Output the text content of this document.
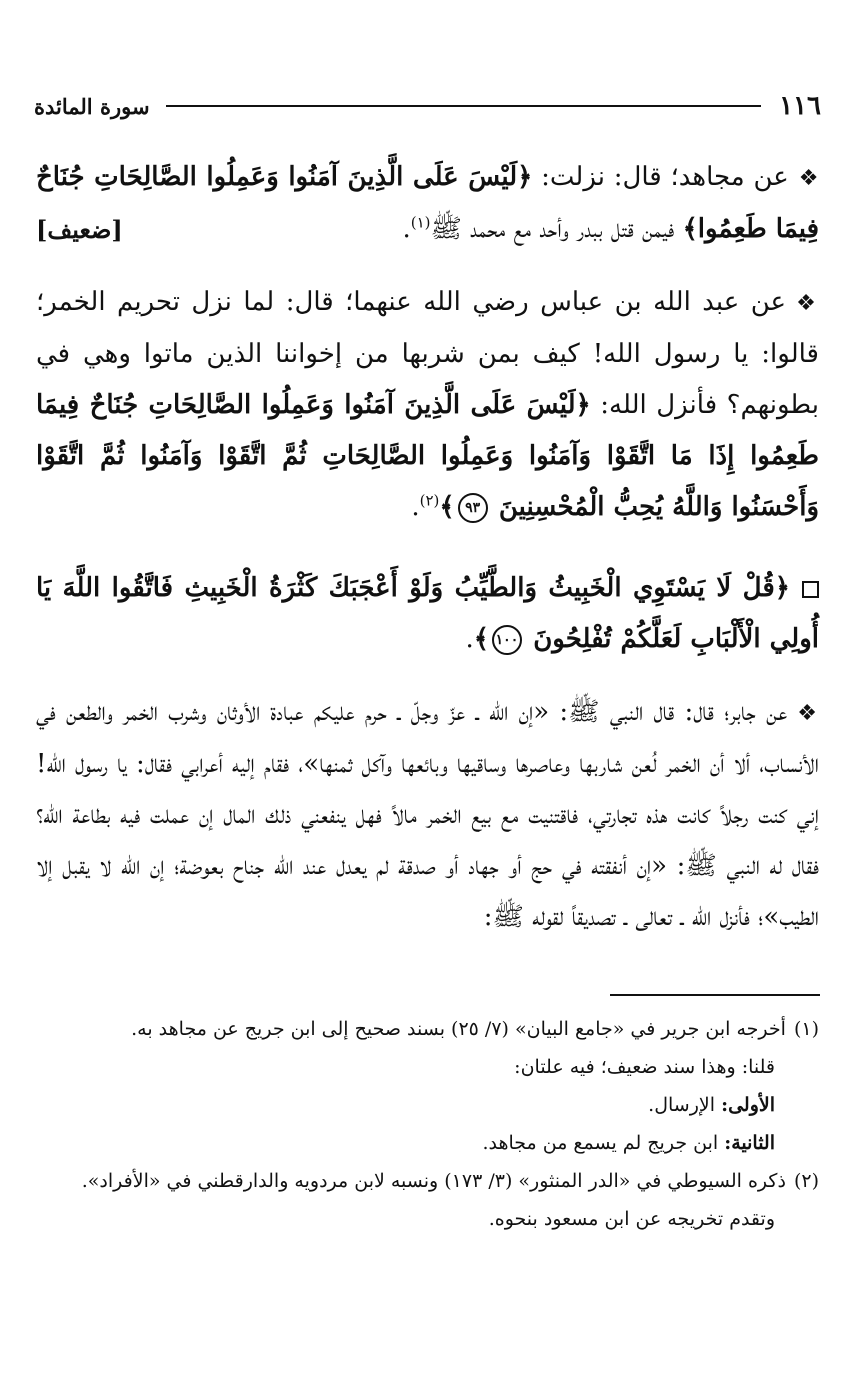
١١٦
سورة المائدة

❖عن مجاهد؛ قال: نزلت: ﴿لَيْسَ عَلَى الَّذِينَ آمَنُوا وَعَمِلُوا الصَّالِحَاتِ جُنَاحٌ فِيمَا طَعِمُوا﴾ فيمن قتل ببدر وأحد مع محمد ﷺ$^{(١)}$.
[ضعيف]

❖عن عبد الله بن عباس رضي الله عنهما؛ قال: لما نزل تحريم الخمر؛ قالوا: يا رسول الله! كيف بمن شربها من إخواننا الذين ماتوا وهي في بطونهم؟ فأنزل الله: ﴿لَيْسَ عَلَى الَّذِينَ آمَنُوا وَعَمِلُوا الصَّالِحَاتِ جُنَاحٌ فِيمَا طَعِمُوا إِذَا مَا اتَّقَوْا وَآمَنُوا وَعَمِلُوا الصَّالِحَاتِ ثُمَّ اتَّقَوْا وَآمَنُوا ثُمَّ اتَّقَوْا وَأَحْسَنُوا وَاللَّهُ يُحِبُّ الْمُحْسِنِينَ ٩٣﴾$^{(٢)}$.

﴿قُلْ لَا يَسْتَوِي الْخَبِيثُ وَالطَّيِّبُ وَلَوْ أَعْجَبَكَ كَثْرَةُ الْخَبِيثِ فَاتَّقُوا اللَّهَ يَا أُولِي الْأَلْبَابِ لَعَلَّكُمْ تُفْلِحُونَ ١٠٠﴾.

❖عن جابر؛ قال: قال النبي ﷺ: «إن الله ـ عزّ وجلّ ـ حرم عليكم عبادة الأوثان وشرب الخمر والطعن في الأنساب، ألا أن الخمر لُعن شاربها وعاصرها وساقيها وبائعها وآكل ثمنها»، فقام إليه أعرابي فقال: يا رسول الله! إني كنت رجلاً كانت هذه تجارتي، فاقتنيت مع بيع الخمر مالاً فهل ينفعني ذلك المال إن عملت فيه بطاعة الله؟ فقال له النبي ﷺ: «إن أنفقته في حج أو جهاد أو صدقة لم يعدل عند الله جناح بعوضة؛ إن الله لا يقبل إلا الطيب»؛ فأنزل الله ـ تعالى ـ تصديقاً لقوله ﷺ:

(١)أخرجه ابن جرير في «جامع البيان» (٧/ ٢٥) بسند صحيح إلى ابن جريج عن مجاهد به.

قلنا: وهذا سند ضعيف؛ فيه علتان:

الأولى: الإرسال.

الثانية: ابن جريج لم يسمع من مجاهد.

(٢)ذكره السيوطي في «الدر المنثور» (٣/ ١٧٣) ونسبه لابن مردويه والدارقطني في «الأفراد».

وتقدم تخريجه عن ابن مسعود بنحوه.
